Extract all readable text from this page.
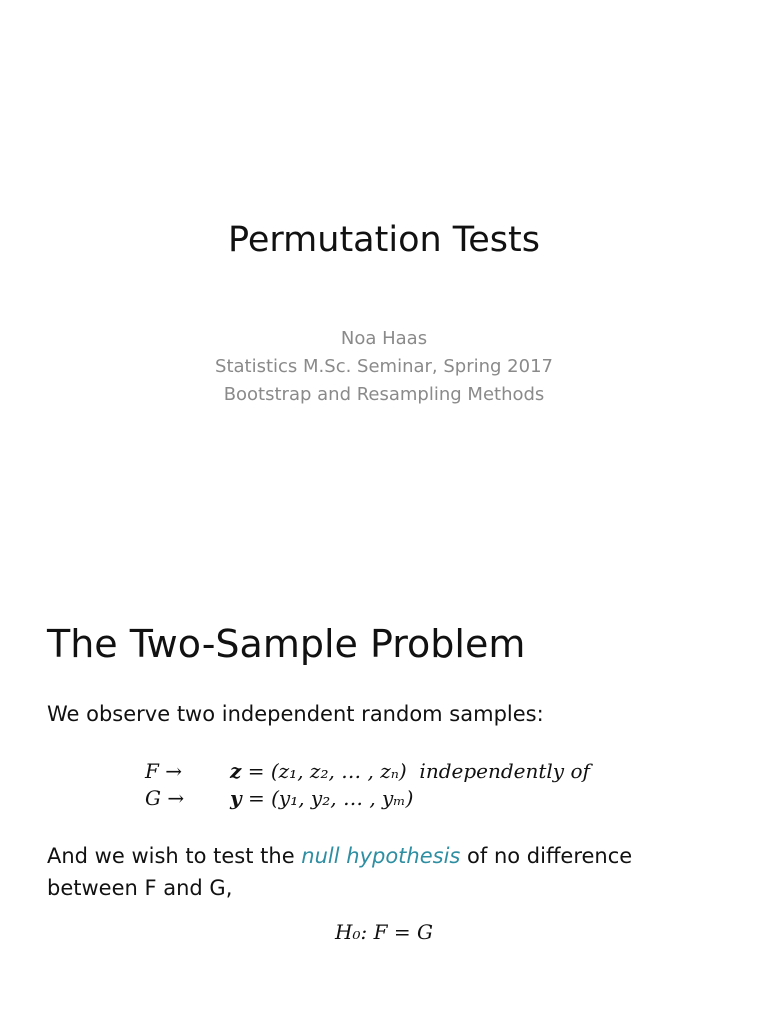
Permutation Tests
Noa Haas
Statistics M.Sc. Seminar, Spring 2017
Bootstrap and Resampling Methods
The Two-Sample Problem
We observe two independent random samples:
F → z = (z₁, z₂, … , zₙ) independently of
G → y = (y₁, y₂, … , yₘ)
And we wish to test the null hypothesis of no difference
between F and G,
H₀: F = G
